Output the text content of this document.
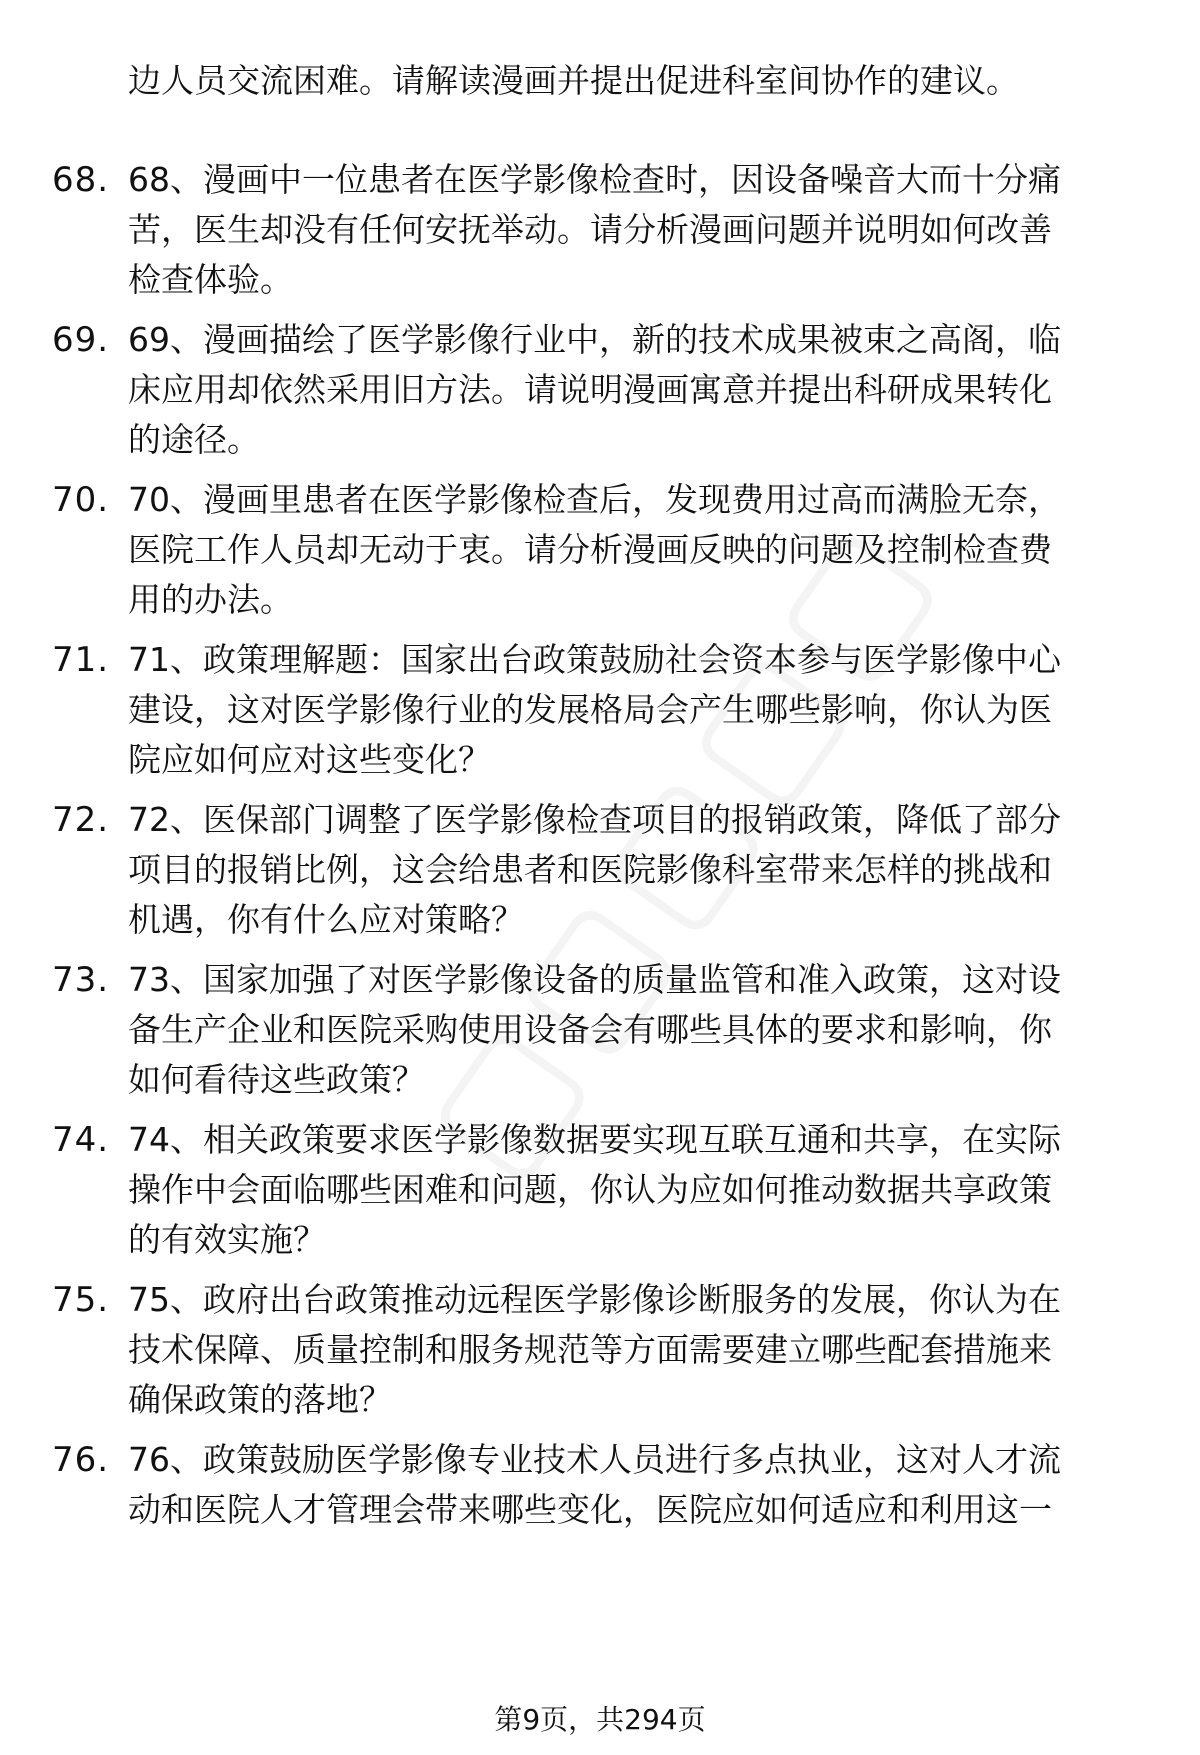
边人员交流困难。请解读漫画并提出促进科室间协作的建议。
68. 68、漫画中一位患者在医学影像检查时，因设备噪音大而十分痛
苦，医生却没有任何安抚举动。请分析漫画问题并说明如何改善
检查体验。
69. 69、漫画描绘了医学影像行业中，新的技术成果被束之高阁，临
床应用却依然采用旧方法。请说明漫画寓意并提出科研成果转化
的途径。
70. 70、漫画里患者在医学影像检查后，发现费用过高而满脸无奈，
医院工作人员却无动于衷。请分析漫画反映的问题及控制检查费
用的办法。
71. 71、政策理解题：国家出台政策鼓励社会资本参与医学影像中心
建设，这对医学影像行业的发展格局会产生哪些影响，你认为医
院应如何应对这些变化？
72. 72、医保部门调整了医学影像检查项目的报销政策，降低了部分
项目的报销比例，这会给患者和医院影像科室带来怎样的挑战和
机遇，你有什么应对策略？
73. 73、国家加强了对医学影像设备的质量监管和准入政策，这对设
备生产企业和医院采购使用设备会有哪些具体的要求和影响，你
如何看待这些政策？
74. 74、相关政策要求医学影像数据要实现互联互通和共享，在实际
操作中会面临哪些困难和问题，你认为应如何推动数据共享政策
的有效实施？
75. 75、政府出台政策推动远程医学影像诊断服务的发展，你认为在
技术保障、质量控制和服务规范等方面需要建立哪些配套措施来
确保政策的落地？
76. 76、政策鼓励医学影像专业技术人员进行多点执业，这对人才流
动和医院人才管理会带来哪些变化，医院应如何适应和利用这一
第9页，共294页
